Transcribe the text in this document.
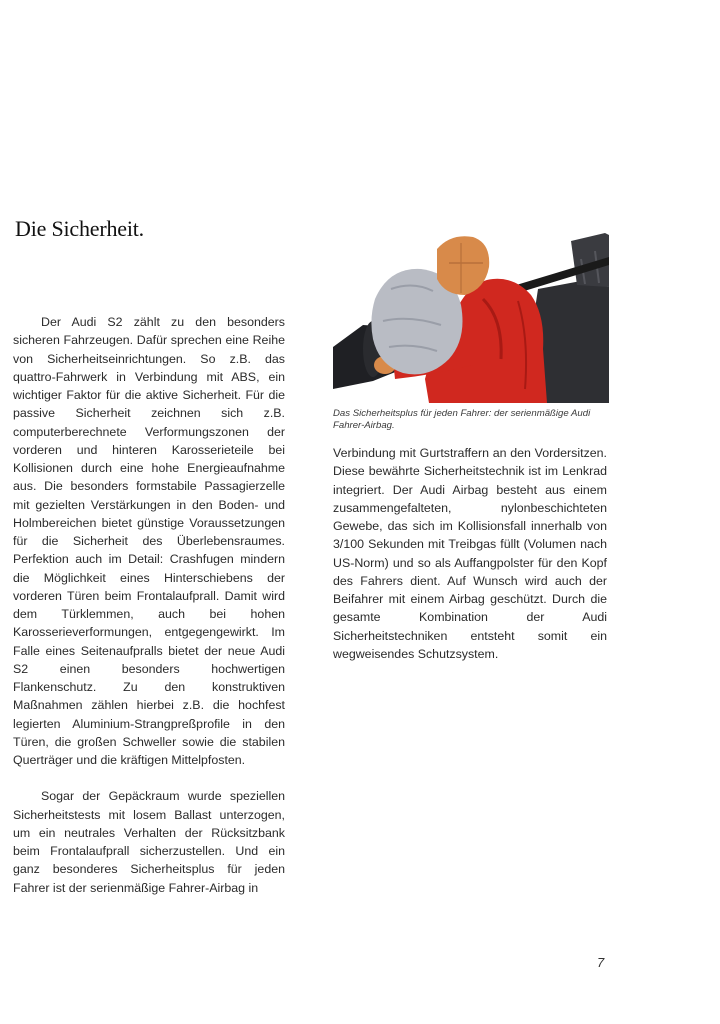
Die Sicherheit.

Der Audi S2 zählt zu den besonders sicheren Fahrzeugen. Dafür sprechen eine Reihe von Sicherheitseinrichtungen. So z.B. das quattro-Fahrwerk in Verbindung mit ABS, ein wichtiger Faktor für die aktive Sicherheit. Für die passive Sicherheit zeichnen sich z.B. computerberechnete Verformungszonen der vorderen und hinteren Karosserieteile bei Kollisionen durch eine hohe Energieaufnahme aus. Die besonders formstabile Passagierzelle mit gezielten Verstärkungen in den Boden- und Holmbereichen bietet günstige Voraussetzungen für die Sicherheit des Überlebensraumes. Perfektion auch im Detail: Crashfugen mindern die Möglichkeit eines Hinterschiebens der vorderen Türen beim Frontalaufprall. Damit wird dem Türklemmen, auch bei hohen Karosserieverformungen, entgegengewirkt. Im Falle eines Seitenaufpralls bietet der neue Audi S2 einen besonders hochwertigen Flankenschutz. Zu den konstruktiven Maßnahmen zählen hierbei z.B. die hochfest legierten Aluminium-Strangpreßprofile in den Türen, die großen Schweller sowie die stabilen Querträger und die kräftigen Mittelpfosten.

Sogar der Gepäckraum wurde speziellen Sicherheitstests mit losem Ballast unterzogen, um ein neutrales Verhalten der Rücksitzbank beim Frontalaufprall sicherzustellen. Und ein ganz besonderes Sicherheitsplus für jeden Fahrer ist der serienmäßige Fahrer-Airbag in

Das Sicherheitsplus für jeden Fahrer: der serienmäßige Audi Fahrer-Airbag.

Verbindung mit Gurtstraffern an den Vordersitzen. Diese bewährte Sicherheitstechnik ist im Lenkrad integriert. Der Audi Airbag besteht aus einem zusammengefalteten, nylonbeschichteten Gewebe, das sich im Kollisionsfall innerhalb von 3/100 Sekunden mit Treibgas füllt (Volumen nach US-Norm) und so als Auffangpolster für den Kopf des Fahrers dient. Auf Wunsch wird auch der Beifahrer mit einem Airbag geschützt. Durch die gesamte Kombination der Audi Sicherheitstechniken entsteht somit ein wegweisendes Schutzsystem.

7
